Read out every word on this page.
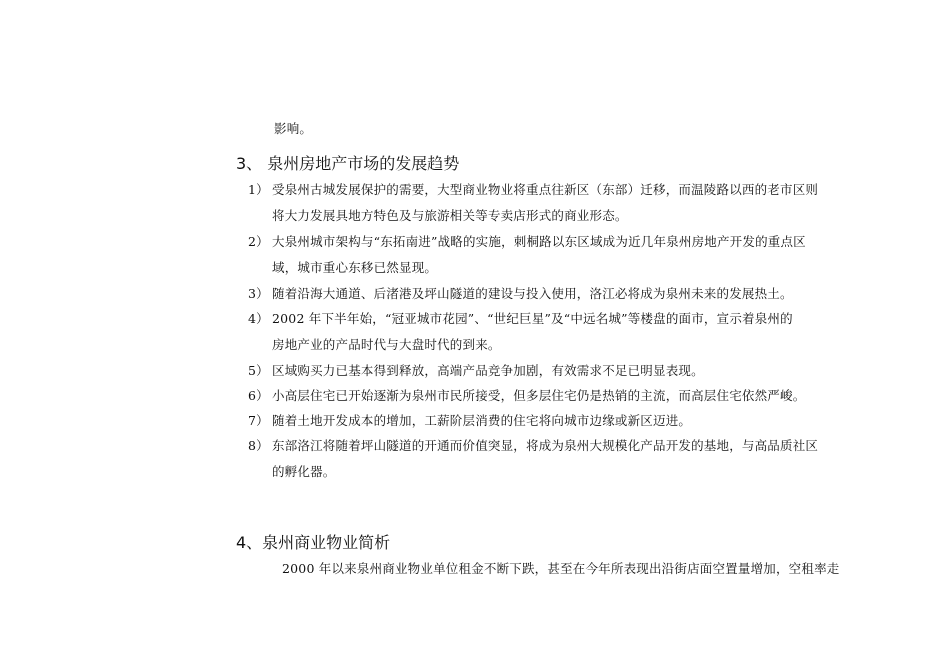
影响。
3、 泉州房地产市场的发展趋势
1） 受泉州古城发展保护的需要，大型商业物业将重点往新区（东部）迁移，而温陵路以西的老市区则
将大力发展具地方特色及与旅游相关等专卖店形式的商业形态。
2） 大泉州城市架构与“东拓南进”战略的实施，刺桐路以东区域成为近几年泉州房地产开发的重点区
域，城市重心东移已然显现。
3） 随着沿海大通道、后渚港及坪山隧道的建设与投入使用，洛江必将成为泉州未来的发展热土。
4） 2002 年下半年始，“冠亚城市花园”、“世纪巨星”及“中远名城”等楼盘的面市，宣示着泉州的
房地产业的产品时代与大盘时代的到来。
5） 区域购买力已基本得到释放，高端产品竞争加剧，有效需求不足已明显表现。
6） 小高层住宅已开始逐渐为泉州市民所接受，但多层住宅仍是热销的主流，而高层住宅依然严峻。
7） 随着土地开发成本的增加，工薪阶层消费的住宅将向城市边缘或新区迈进。
8） 东部洛江将随着坪山隧道的开通而价值突显，将成为泉州大规模化产品开发的基地，与高品质社区
的孵化器。
4、泉州商业物业简析
2000 年以来泉州商业物业单位租金不断下跌，甚至在今年所表现出沿街店面空置量增加，空租率走
